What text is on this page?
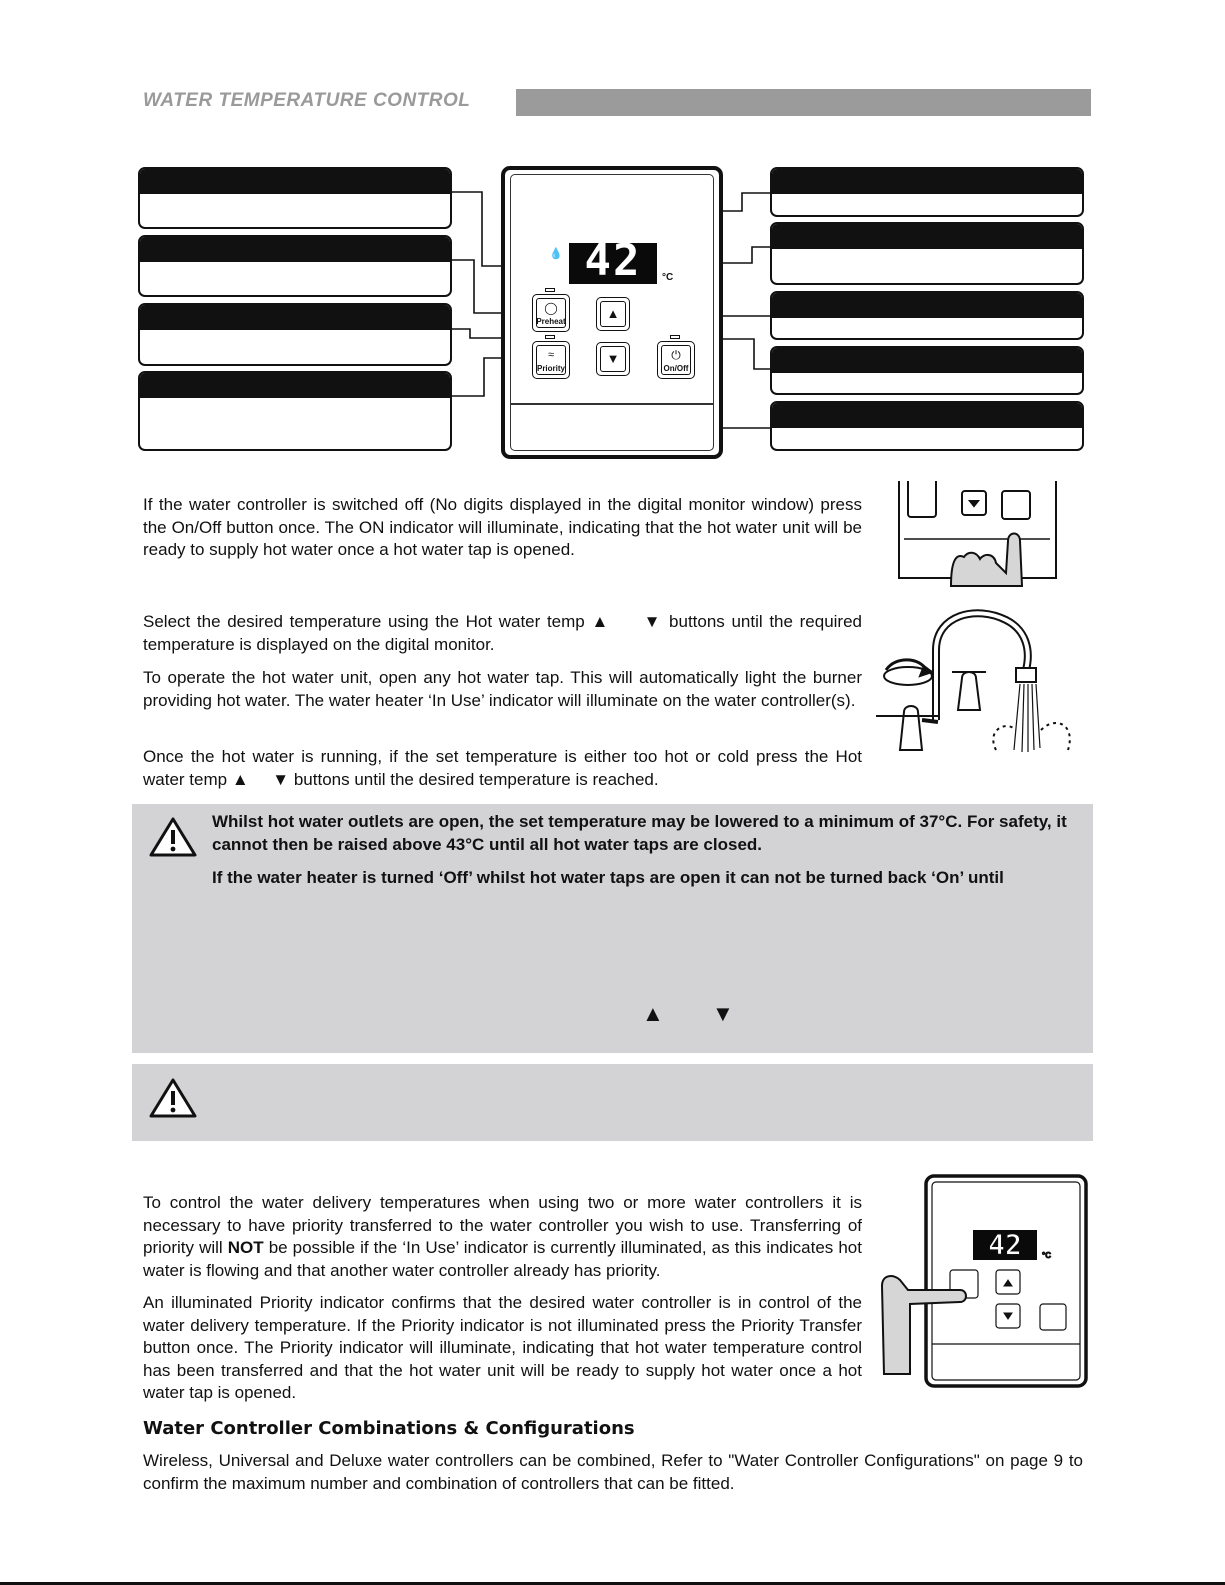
WATER TEMPERATURE CONTROL
💧 42	°C
◯
Preheat
≈
Priority
▲
▼	⏻
On/Off

If the water controller is switched off (No digits displayed in the digital monitor window) press the On/Off button once. The ON indicator will illuminate, indicating that the hot water unit will be ready to supply hot water once a hot water tap is opened.

Select the desired temperature using the Hot water temp ▲ ▼ buttons until the required temperature is displayed on the digital monitor.

To operate the hot water unit, open any hot water tap. This will automatically light the burner providing hot water. The water heater ‘In Use’ indicator will illuminate on the water controller(s).

Once the hot water is running, if the set temperature is either too hot or cold press the Hot water temp ▲ ▼ buttons until the desired temperature is reached.

Whilst hot water outlets are open, the set temperature may be lowered to a minimum of 37°C. For safety, it cannot then be raised above 43°C until all hot water taps are closed.

If the water heater is turned ‘Off’ whilst hot water taps are open it can not be turned back ‘On’ until

▲ ▼

To control the water delivery temperatures when using two or more water controllers it is necessary to have priority transferred to the water controller you wish to use. Transferring of priority will NOT be possible if the ‘In Use’ indicator is currently illuminated, as this indicates hot water is flowing and that another water controller already has priority.

An illuminated Priority indicator confirms that the desired water controller is in control of the water delivery temperature. If the Priority indicator is not illuminated press the Priority Transfer button once. The Priority indicator will illuminate, indicating that hot water temperature control has been transferred and that the hot water unit will be ready to supply hot water once a hot water tap is opened.

42	°C
Water Controller Combinations & Configurations

Wireless, Universal and Deluxe water controllers can be combined, Refer to "Water Controller Configurations" on page 9 to confirm the maximum number and combination of controllers that can be fitted.
